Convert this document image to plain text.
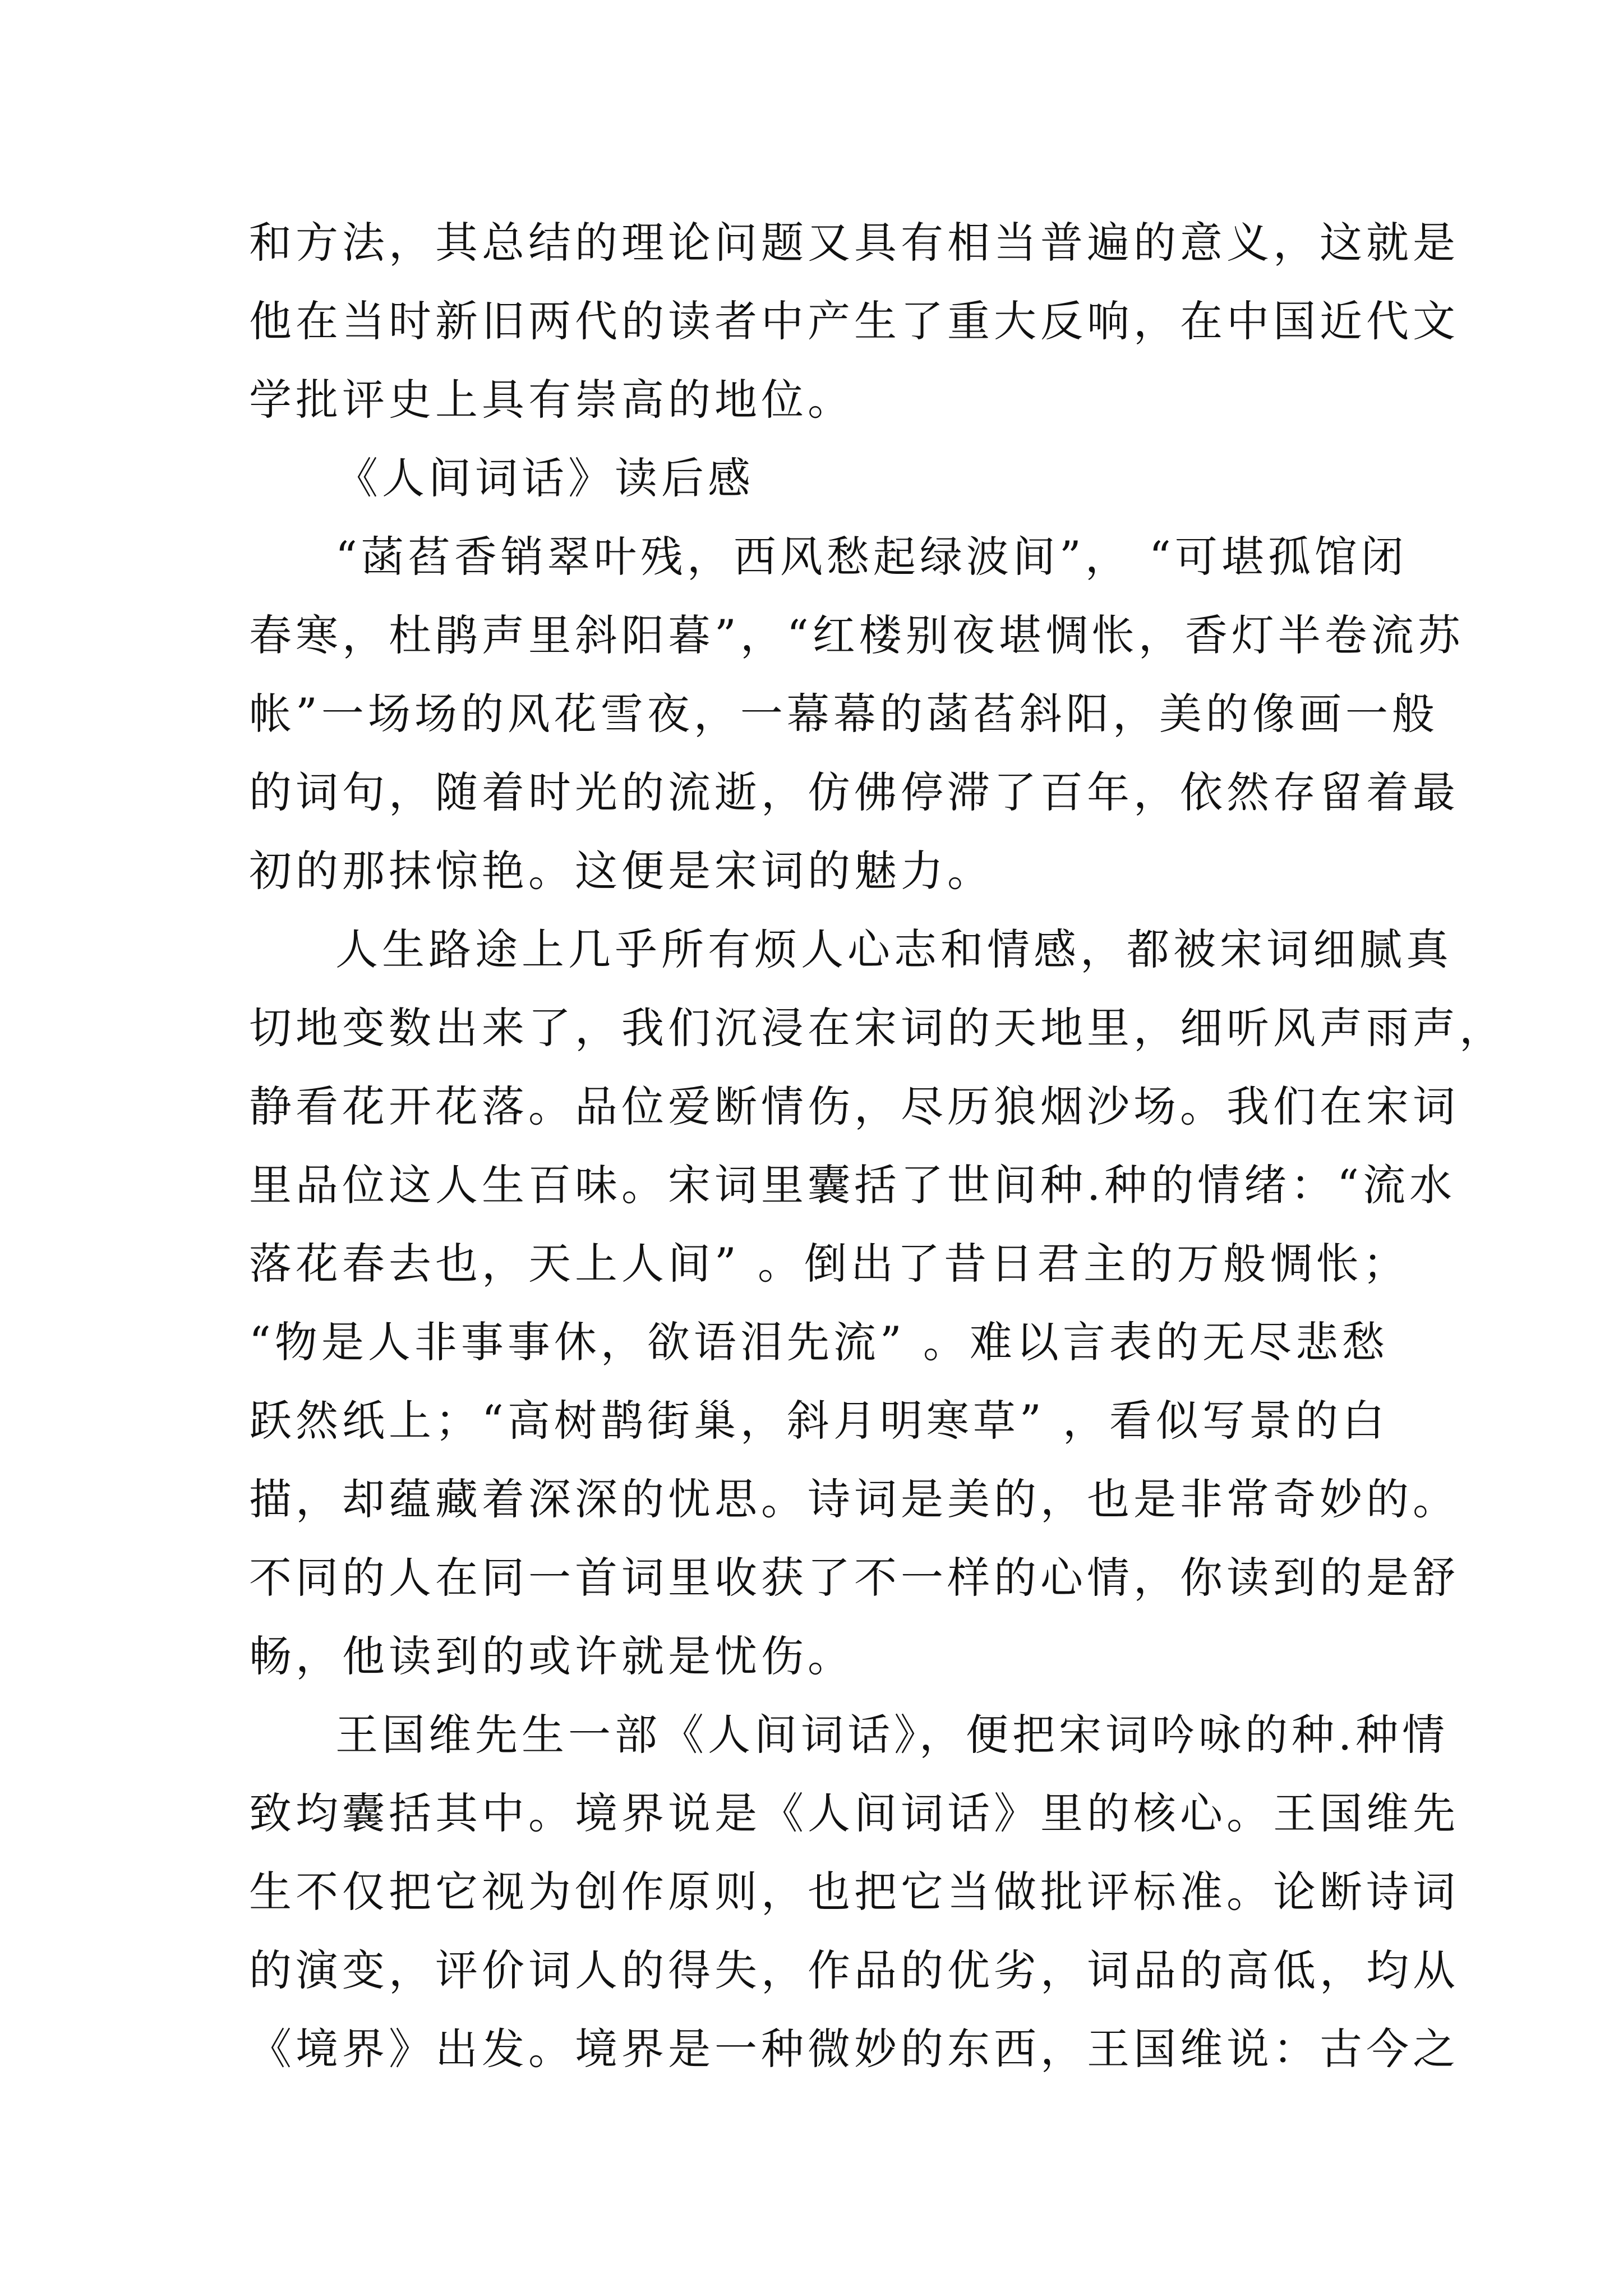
和方法，其总结的理论问题又具有相当普遍的意义，这就是
他在当时新旧两代的读者中产生了重大反响，在中国近代文
学批评史上具有崇高的地位。
《人间词话》读后感
“菡萏香销翠叶残，西风愁起绿波间”， “可堪孤馆闭
春寒，杜鹃声里斜阳暮”，“红楼别夜堪惆怅，香灯半卷流苏
帐”一场场的风花雪夜，一幕幕的菡萏斜阳，美的像画一般
的词句，随着时光的流逝，仿佛停滞了百年，依然存留着最
初的那抹惊艳。这便是宋词的魅力。
人生路途上几乎所有烦人心志和情感，都被宋词细腻真
切地变数出来了，我们沉浸在宋词的天地里，细听风声雨声，
静看花开花落。品位爱断情伤，尽历狼烟沙场。我们在宋词
里品位这人生百味。宋词里囊括了世间种.种的情绪：“流水
落花春去也，天上人间” 。倒出了昔日君主的万般惆怅；
“物是人非事事休，欲语泪先流” 。难以言表的无尽悲愁
跃然纸上；“高树鹊街巢，斜月明寒草” ，看似写景的白
描，却蕴藏着深深的忧思。诗词是美的，也是非常奇妙的。
不同的人在同一首词里收获了不一样的心情，你读到的是舒
畅，他读到的或许就是忧伤。
王国维先生一部《人间词话》，便把宋词吟咏的种.种情
致均囊括其中。境界说是《人间词话》里的核心。王国维先
生不仅把它视为创作原则，也把它当做批评标准。论断诗词
的演变，评价词人的得失，作品的优劣，词品的高低，均从
《境界》出发。境界是一种微妙的东西，王国维说：古今之
